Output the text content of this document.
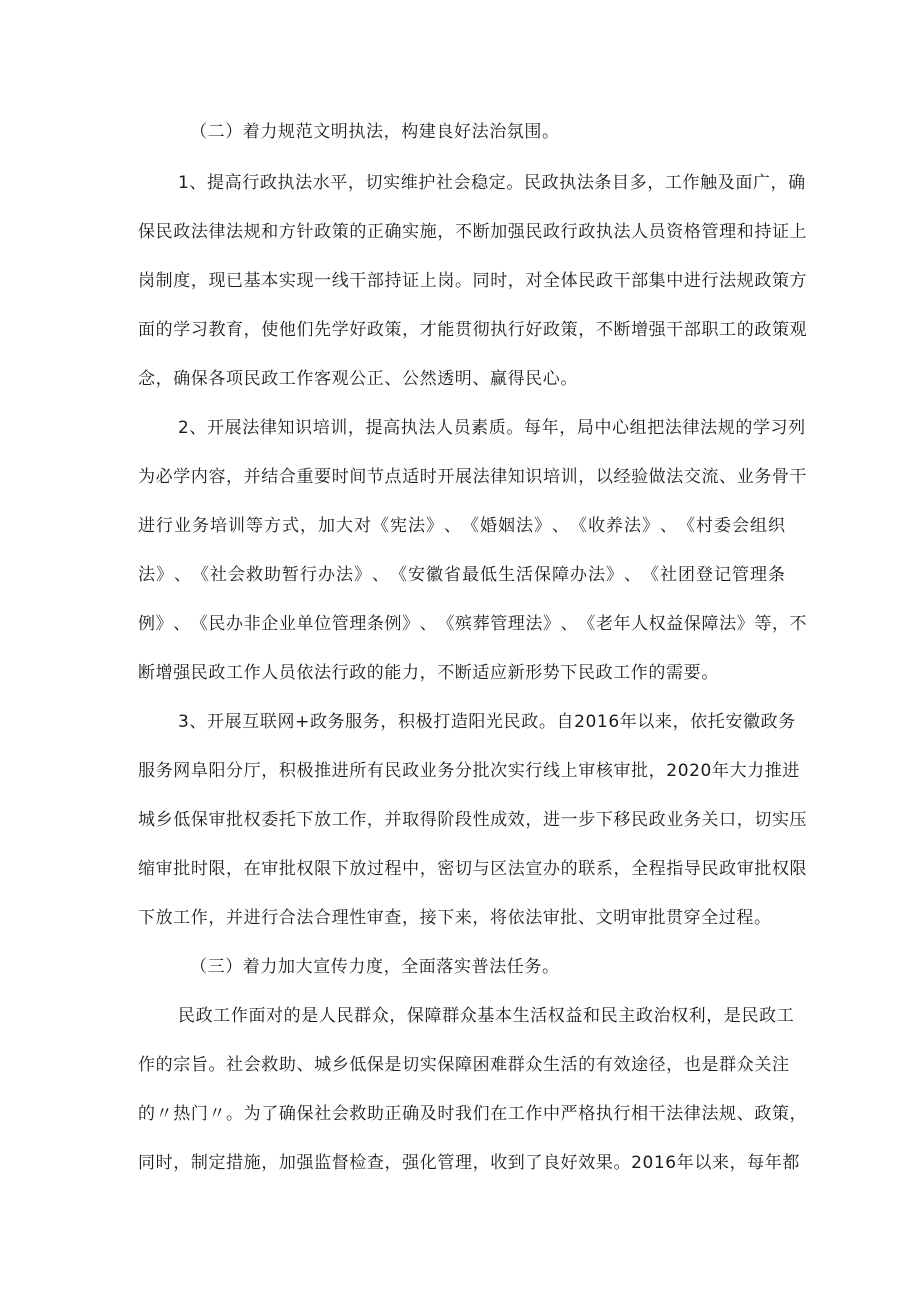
（二）着力规范文明执法，构建良好法治氛围。
1 、 提 高 行 政 执 法 水 平 ， 切 实 维 护 社 会 稳 定 。 民 政 执 法 条 目 多 ， 工 作 触 及 面 广 ， 确
保 民 政 法 律 法 规 和 方 针 政 策 的 正 确 实 施 ， 不 断 加 强 民 政 行 政 执 法 人 员 资 格 管 理 和 持 证 上
岗 制 度 ， 现 已 基 本 实 现 一 线 干 部 持 证 上 岗 。 同 时 ， 对 全 体 民 政 干 部 集 中 进 行 法 规 政 策 方
面 的 学 习 教 育 ， 使 他 们 先 学 好 政 策 ， 才 能 贯 彻 执 行 好 政 策 ， 不 断 增 强 干 部 职 工 的 政 策 观
念，确保各项民政工作客观公正、公然透明、赢得民心。
2 、 开 展 法 律 知 识 培 训 ， 提 高 执 法 人 员 素 质 。 每 年 ， 局 中 心 组 把 法 律 法 规 的 学 习 列
为 必 学 内 容 ， 并 结 合 重 要 时 间 节 点 适 时 开 展 法 律 知 识 培 训 ， 以 经 验 做 法 交 流 、 业 务 骨 干
进 行 业 务 培 训 等 方 式 ， 加 大 对 《 宪 法 》 、 《 婚 姻 法 》 、 《 收 养 法 》 、 《 村 委 会 组 织
法 》 、 《 社 会 救 助 暂 行 办 法 》 、 《 安 徽 省 最 低 生 活 保 障 办 法 》 、 《 社 团 登 记 管 理 条
例 》 、 《 民 办 非 企 业 单 位 管 理 条 例 》 、 《 殡 葬 管 理 法 》 、 《 老 年 人 权 益 保 障 法 》 等 ， 不
断增强民政工作人员依法行政的能力，不断适应新形势下民政工作的需要。
3 、 开 展 互 联 网 + 政 务 服 务 ， 积 极 打 造 阳 光 民 政 。 自 2016 年 以 来 ， 依 托 安 徽 政 务
服 务 网 阜 阳 分 厅 ， 积 极 推 进 所 有 民 政 业 务 分 批 次 实 行 线 上 审 核 审 批 ， 2020 年 大 力 推 进
城 乡 低 保 审 批 权 委 托 下 放 工 作 ， 并 取 得 阶 段 性 成 效 ， 进 一 步 下 移 民 政 业 务 关 口 ， 切 实 压
缩 审 批 时 限 ， 在 审 批 权 限 下 放 过 程 中 ， 密 切 与 区 法 宣 办 的 联 系 ， 全 程 指 导 民 政 审 批 权 限
下放工作，并进行合法合理性审查，接下来，将依法审批、文明审批贯穿全过程。
（三）着力加大宣传力度，全面落实普法任务。
民 政 工 作 面 对 的 是 人 民 群 众 ， 保 障 群 众 基 本 生 活 权 益 和 民 主 政 治 权 利 ， 是 民 政 工
作 的 宗 旨 。 社 会 救 助 、 城 乡 低 保 是 切 实 保 障 困 难 群 众 生 活 的 有 效 途 径 ， 也 是 群 众 关 注
的 〃 热 门 〃 。 为 了 确 保 社 会 救 助 正 确 及 时 我 们 在 工 作 中 严 格 执 行 相 干 法 律 法 规 、 政 策 ，
同 时 ， 制 定 措 施 ， 加 强 监 督 检 查 ， 强 化 管 理 ， 收 到 了 良 好 效 果 。 2016 年 以 来 ， 每 年 都
